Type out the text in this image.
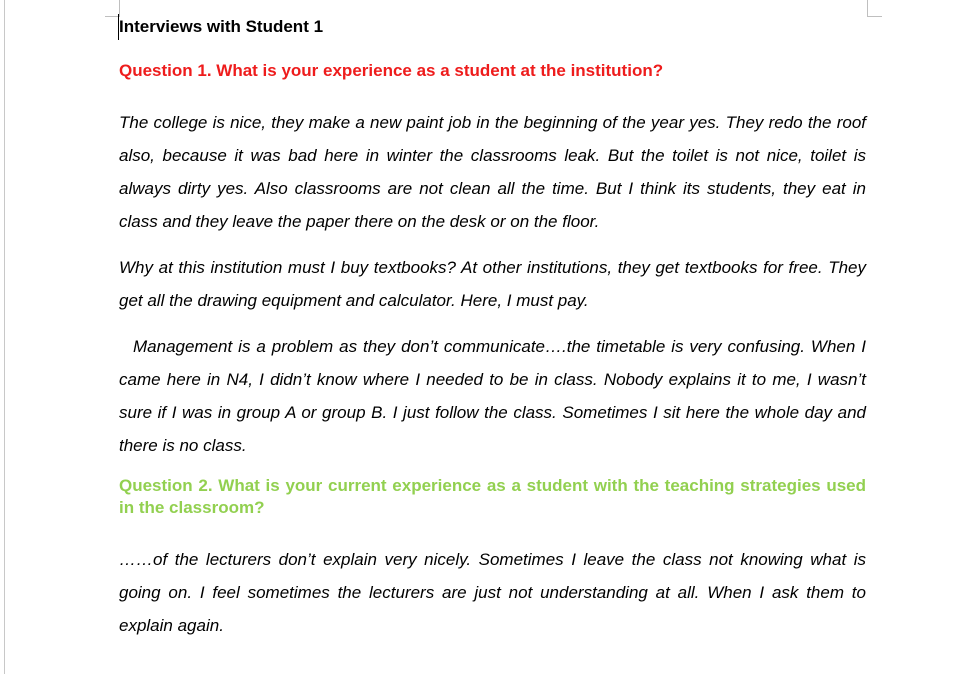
Interviews with Student 1

Question 1. What is your experience as a student at the institution?

The college is nice, they make a new paint job in the beginning of the year yes. They redo the roof also, because it was bad here in winter the classrooms leak. But the toilet is not nice, toilet is always dirty yes. Also classrooms are not clean all the time. But I think its students, they eat in class and they leave the paper there on the desk or on the floor.

Why at this institution must I buy textbooks? At other institutions, they get textbooks for free. They get all the drawing equipment and calculator. Here, I must pay.

Management is a problem as they don’t communicate….the timetable is very confusing. When I came here in N4, I didn’t know where I needed to be in class. Nobody explains it to me, I wasn’t sure if I was in group A or group B. I just follow the class. Sometimes I sit here the whole day and there is no class.

Question 2. What is your current experience as a student with the teaching strategies used in the classroom?

……of the lecturers don’t explain very nicely. Sometimes I leave the class not knowing what is going on. I feel sometimes the lecturers are just not understanding at all. When I ask them to explain again.
